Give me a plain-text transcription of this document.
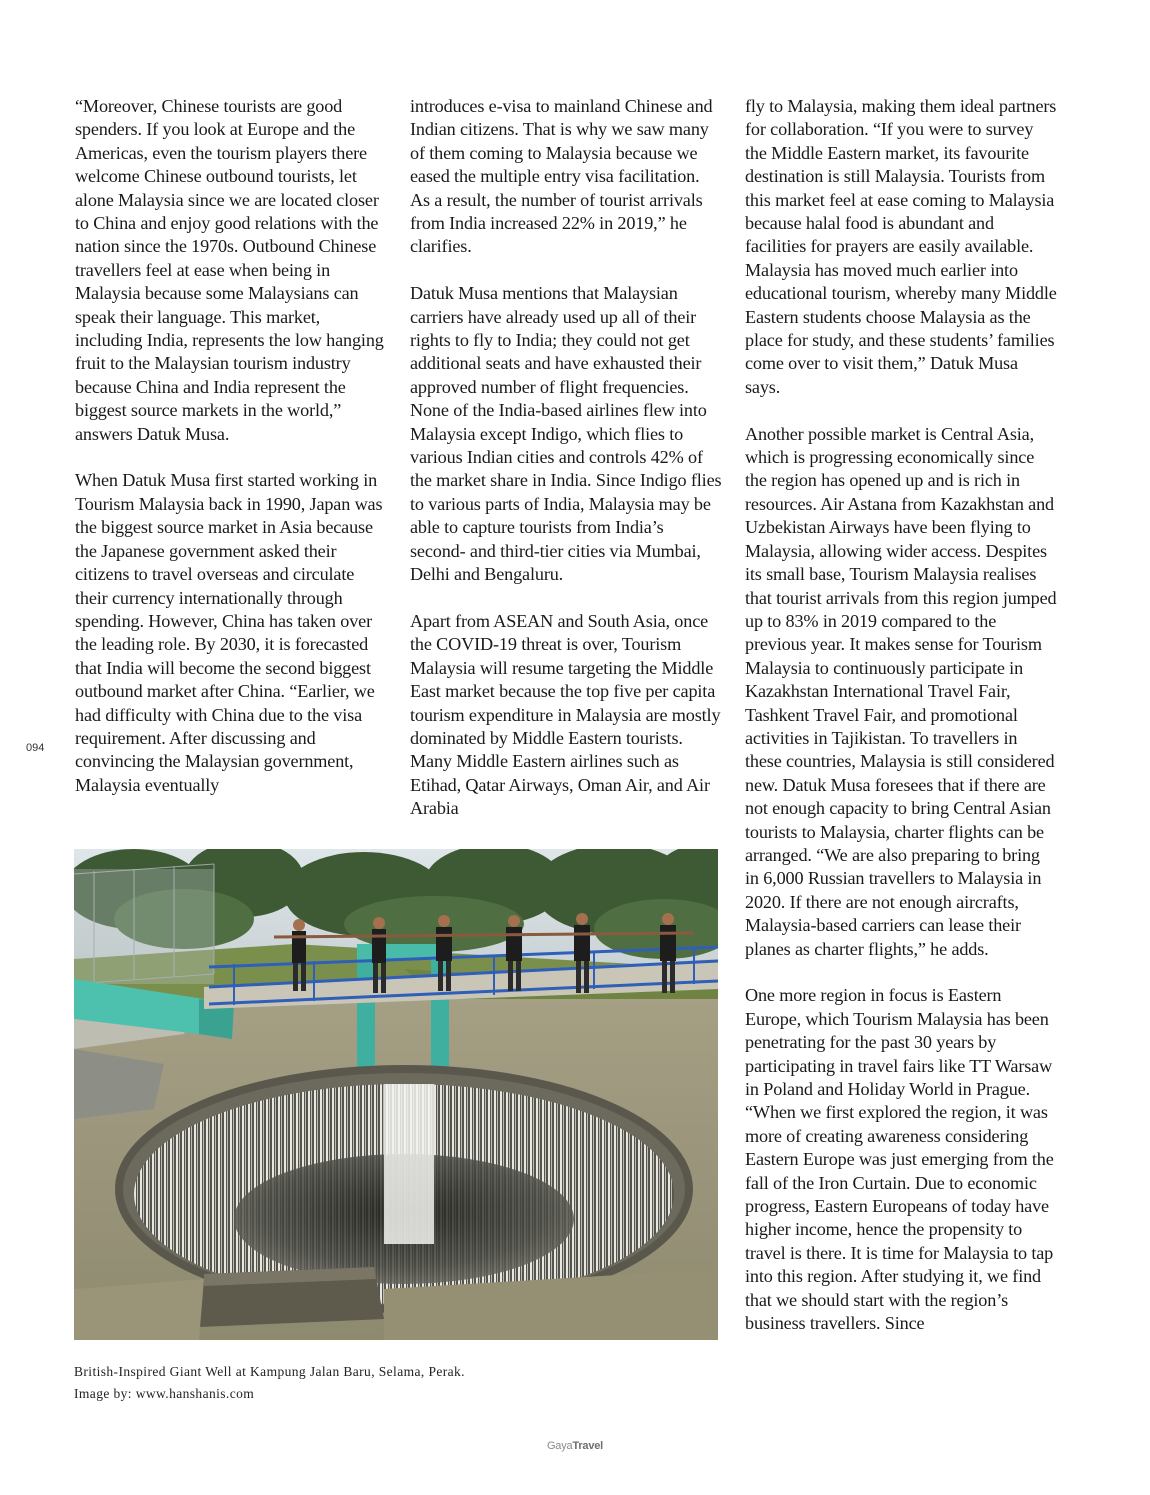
“Moreover, Chinese tourists are good spenders. If you look at Europe and the Americas, even the tourism players there welcome Chinese outbound tourists, let alone Malaysia since we are located closer to China and enjoy good relations with the nation since the 1970s. Outbound Chinese travellers feel at ease when being in Malaysia because some Malaysians can speak their language. This market, including India, represents the low hanging fruit to the Malaysian tourism industry because China and India represent the biggest source markets in the world,” answers Datuk Musa.

When Datuk Musa first started working in Tourism Malaysia back in 1990, Japan was the biggest source market in Asia because the Japanese government asked their citizens to travel overseas and circulate their currency internationally through spending. However, China has taken over the leading role. By 2030, it is forecasted that India will become the second biggest outbound market after China. “Earlier, we had difficulty with China due to the visa requirement. After discussing and convincing the Malaysian government, Malaysia eventually

introduces e-visa to mainland Chinese and Indian citizens. That is why we saw many of them coming to Malaysia because we eased the multiple entry visa facilitation. As a result, the number of tourist arrivals from India increased 22% in 2019,” he clarifies.

Datuk Musa mentions that Malaysian carriers have already used up all of their rights to fly to India; they could not get additional seats and have exhausted their approved number of flight frequencies. None of the India-based airlines flew into Malaysia except Indigo, which flies to various Indian cities and controls 42% of the market share in India. Since Indigo flies to various parts of India, Malaysia may be able to capture tourists from India’s second- and third-tier cities via Mumbai, Delhi and Bengaluru.

Apart from ASEAN and South Asia, once the COVID-19 threat is over, Tourism Malaysia will resume targeting the Middle East market because the top five per capita tourism expenditure in Malaysia are mostly dominated by Middle Eastern tourists. Many Middle Eastern airlines such as Etihad, Qatar Airways, Oman Air, and Air Arabia

fly to Malaysia, making them ideal partners for collaboration. “If you were to survey the Middle Eastern market, its favourite destination is still Malaysia. Tourists from this market feel at ease coming to Malaysia because halal food is abundant and facilities for prayers are easily available. Malaysia has moved much earlier into educational tourism, whereby many Middle Eastern students choose Malaysia as the place for study, and these students’ families come over to visit them,” Datuk Musa says.

Another possible market is Central Asia, which is progressing economically since the region has opened up and is rich in resources. Air Astana from Kazakhstan and Uzbekistan Airways have been flying to Malaysia, allowing wider access. Despites its small base, Tourism Malaysia realises that tourist arrivals from this region jumped up to 83% in 2019 compared to the previous year. It makes sense for Tourism Malaysia to continuously participate in Kazakhstan International Travel Fair, Tashkent Travel Fair, and promotional activities in Tajikistan. To travellers in these countries, Malaysia is still considered new. Datuk Musa foresees that if there are not enough capacity to bring Central Asian tourists to Malaysia, charter flights can be arranged. “We are also preparing to bring in 6,000 Russian travellers to Malaysia in 2020. If there are not enough aircrafts, Malaysia-based carriers can lease their planes as charter flights,” he adds.

One more region in focus is Eastern Europe, which Tourism Malaysia has been penetrating for the past 30 years by participating in travel fairs like TT Warsaw in Poland and Holiday World in Prague. “When we first explored the region, it was more of creating awareness considering Eastern Europe was just emerging from the fall of the Iron Curtain. Due to economic progress, Eastern Europeans of today have higher income, hence the propensity to travel is there. It is time for Malaysia to tap into this region. After studying it, we find that we should start with the region’s business travellers. Since

094
British-Inspired Giant Well at Kampung Jalan Baru, Selama, Perak.
Image by: www.hanshanis.com
GayaTravel
